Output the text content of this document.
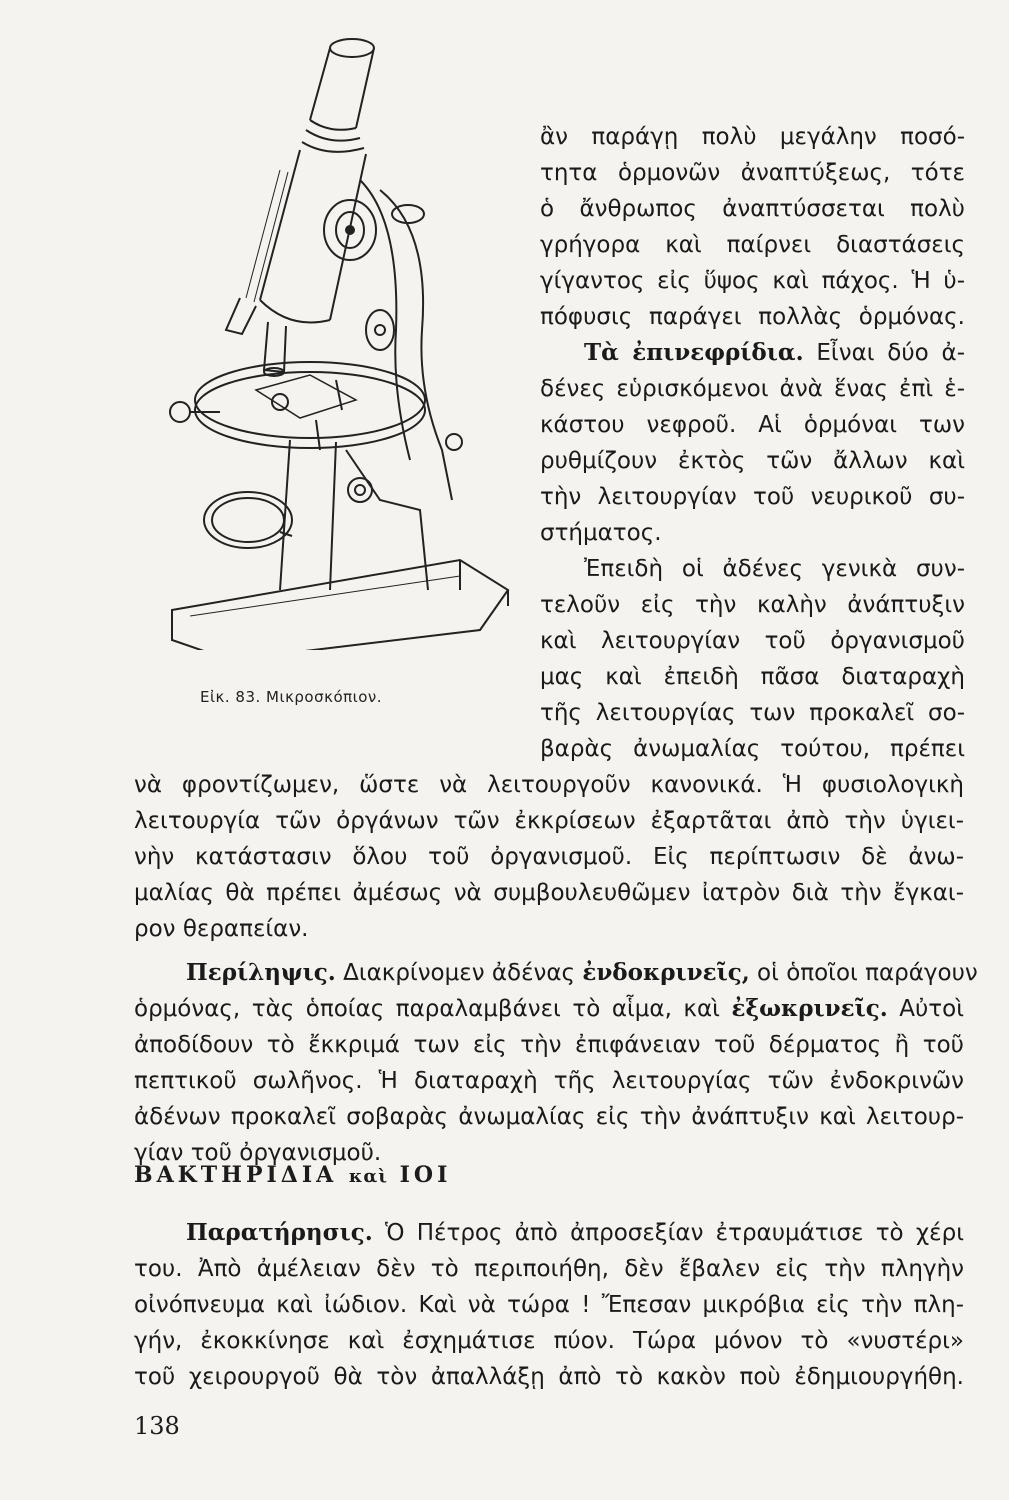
Εἰκ. 83. Μικροσκόπιον.
ἂν παράγῃ πολὺ μεγάλην ποσό-
τητα ὁρμονῶν ἀναπτύξεως, τότε
ὁ ἄνθρωπος ἀναπτύσσεται πολὺ
γρήγορα καὶ παίρνει διαστάσεις
γίγαντος εἰς ὕψος καὶ πάχος. Ἡ ὑ-
πόφυσις παράγει πολλὰς ὁρμόνας.
Τὰ ἐπινεφρίδια. Εἶναι δύο ἀ-
δένες εὑρισκόμενοι ἀνὰ ἕνας ἐπὶ ἑ-
κάστου νεφροῦ. Αἱ ὁρμόναι των
ρυθμίζουν ἐκτὸς τῶν ἄλλων καὶ
τὴν λειτουργίαν τοῦ νευρικοῦ συ-
στήματος.
Ἐπειδὴ οἱ ἀδένες γενικὰ συν-
τελοῦν εἰς τὴν καλὴν ἀνάπτυξιν
καὶ λειτουργίαν τοῦ ὀργανισμοῦ
μας καὶ ἐπειδὴ πᾶσα διαταραχὴ
τῆς λειτουργίας των προκαλεῖ σο-
βαρὰς ἀνωμαλίας τούτου, πρέπει
νὰ φροντίζωμεν, ὥστε νὰ λειτουργοῦν κανονικά. Ἡ φυσιολογικὴ
λειτουργία τῶν ὀργάνων τῶν ἐκκρίσεων ἐξαρτᾶται ἀπὸ τὴν ὑγιει-
νὴν κατάστασιν ὅλου τοῦ ὀργανισμοῦ. Εἰς περίπτωσιν δὲ ἀνω-
μαλίας θὰ πρέπει ἀμέσως νὰ συμβουλευθῶμεν ἰατρὸν διὰ τὴν ἔγκαι-
ρον θεραπείαν.
Περίληψις. Διακρίνομεν ἀδένας ἐνδοκρινεῖς, οἱ ὁποῖοι παράγουν
ὁρμόνας, τὰς ὁποίας παραλαμβάνει τὸ αἷμα, καὶ ἐξωκρινεῖς. Αὐτοὶ
ἀποδίδουν τὸ ἔκκριμά των εἰς τὴν ἐπιφάνειαν τοῦ δέρματος ἢ τοῦ
πεπτικοῦ σωλῆνος. Ἡ διαταραχὴ τῆς λειτουργίας τῶν ἐνδοκρινῶν
ἀδένων προκαλεῖ σοβαρὰς ἀνωμαλίας εἰς τὴν ἀνάπτυξιν καὶ λειτουρ-
γίαν τοῦ ὀργανισμοῦ.
ΒΑΚΤΗΡΙΔΙΑ καὶ ΙΟΙ
Παρατήρησις. Ὁ Πέτρος ἀπὸ ἀπροσεξίαν ἐτραυμάτισε τὸ χέρι
του. Ἀπὸ ἀμέλειαν δὲν τὸ περιποιήθη, δὲν ἔβαλεν εἰς τὴν πληγὴν
οἰνόπνευμα καὶ ἰώδιον. Καὶ νὰ τώρα ! Ἔπεσαν μικρόβια εἰς τὴν πλη-
γήν, ἐκοκκίνησε καὶ ἐσχημάτισε πύον. Τώρα μόνον τὸ «νυστέρι»
τοῦ χειρουργοῦ θὰ τὸν ἀπαλλάξῃ ἀπὸ τὸ κακὸν ποὺ ἐδημιουργήθη.
138
